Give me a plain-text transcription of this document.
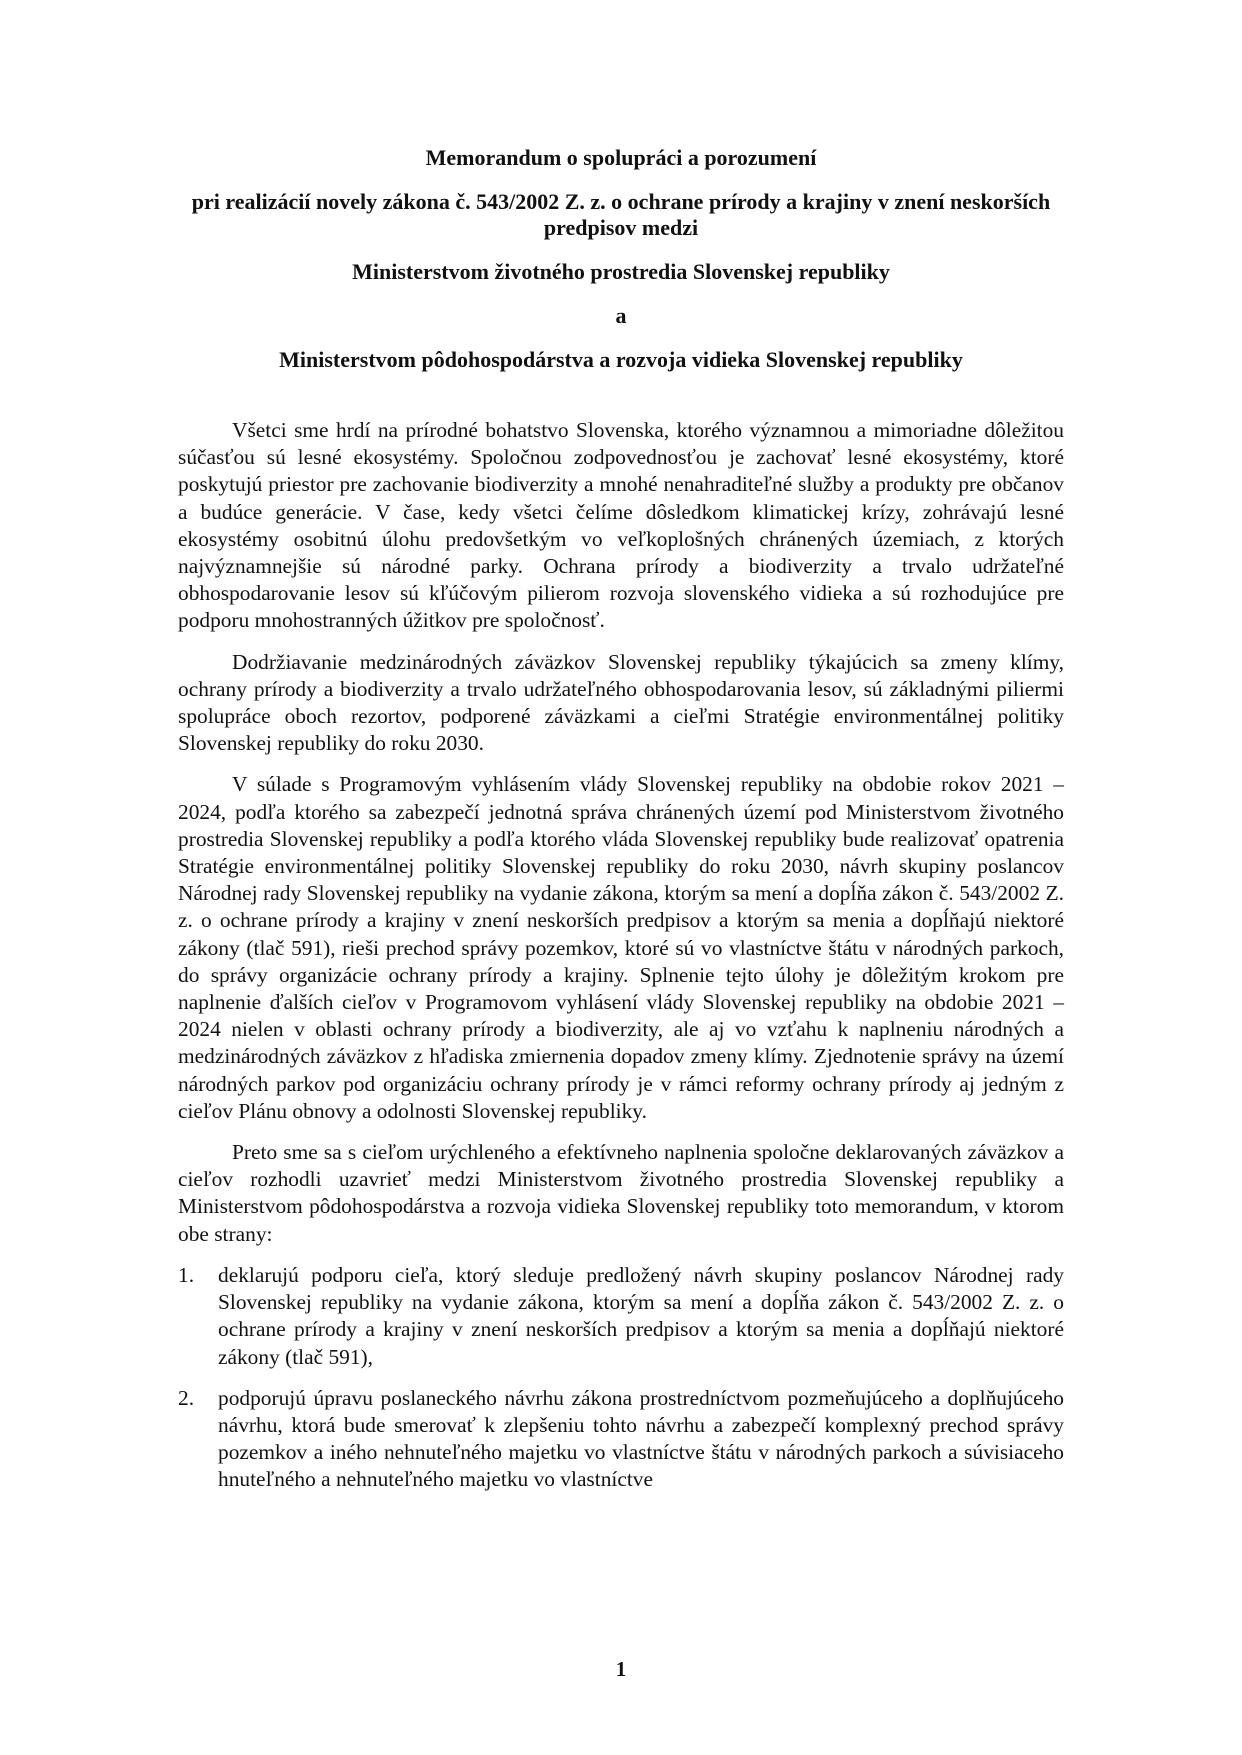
Memorandum o spolupráci a porozumení
pri realizácií novely zákona č. 543/2002 Z. z. o ochrane prírody a krajiny v znení neskorších predpisov medzi
Ministerstvom životného prostredia Slovenskej republiky
a
Ministerstvom pôdohospodárstva a rozvoja vidieka Slovenskej republiky

Všetci sme hrdí na prírodné bohatstvo Slovenska, ktorého významnou a mimoriadne dôležitou súčasťou sú lesné ekosystémy. Spoločnou zodpovednosťou je zachovať lesné ekosystémy, ktoré poskytujú priestor pre zachovanie biodiverzity a mnohé nenahraditeľné služby a produkty pre občanov a budúce generácie. V čase, kedy všetci čelíme dôsledkom klimatickej krízy, zohrávajú lesné ekosystémy osobitnú úlohu predovšetkým vo veľkoplošných chránených územiach, z ktorých najvýznamnejšie sú národné parky. Ochrana prírody a biodiverzity a trvalo udržateľné obhospodarovanie lesov sú kľúčovým pilierom rozvoja slovenského vidieka a sú rozhodujúce pre podporu mnohostranných úžitkov pre spoločnosť.

Dodržiavanie medzinárodných záväzkov Slovenskej republiky týkajúcich sa zmeny klímy, ochrany prírody a biodiverzity a trvalo udržateľného obhospodarovania lesov, sú základnými piliermi spolupráce oboch rezortov, podporené záväzkami a cieľmi Stratégie environmentálnej politiky Slovenskej republiky do roku 2030.

V súlade s Programovým vyhlásením vlády Slovenskej republiky na obdobie rokov 2021 – 2024, podľa ktorého sa zabezpečí jednotná správa chránených území pod Ministerstvom životného prostredia Slovenskej republiky a podľa ktorého vláda Slovenskej republiky bude realizovať opatrenia Stratégie environmentálnej politiky Slovenskej republiky do roku 2030, návrh skupiny poslancov Národnej rady Slovenskej republiky na vydanie zákona, ktorým sa mení a dopĺňa zákon č. 543/2002 Z. z. o ochrane prírody a krajiny v znení neskorších predpisov a ktorým sa menia a dopĺňajú niektoré zákony (tlač 591), rieši prechod správy pozemkov, ktoré sú vo vlastníctve štátu v národných parkoch, do správy organizácie ochrany prírody a krajiny. Splnenie tejto úlohy je dôležitým krokom pre naplnenie ďalších cieľov v Programovom vyhlásení vlády Slovenskej republiky na obdobie 2021 – 2024 nielen v oblasti ochrany prírody a biodiverzity, ale aj vo vzťahu k naplneniu národných a medzinárodných záväzkov z hľadiska zmiernenia dopadov zmeny klímy. Zjednotenie správy na území národných parkov pod organizáciu ochrany prírody je v rámci reformy ochrany prírody aj jedným z cieľov Plánu obnovy a odolnosti Slovenskej republiky.

Preto sme sa s cieľom urýchleného a efektívneho naplnenia spoločne deklarovaných záväzkov a cieľov rozhodli uzavrieť medzi Ministerstvom životného prostredia Slovenskej republiky a Ministerstvom pôdohospodárstva a rozvoja vidieka Slovenskej republiky toto memorandum, v ktorom obe strany:

1. deklarujú podporu cieľa, ktorý sleduje predložený návrh skupiny poslancov Národnej rady Slovenskej republiky na vydanie zákona, ktorým sa mení a dopĺňa zákon č. 543/2002 Z. z. o ochrane prírody a krajiny v znení neskorších predpisov a ktorým sa menia a dopĺňajú niektoré zákony (tlač 591),
2. podporujú úpravu poslaneckého návrhu zákona prostredníctvom pozmeňujúceho a doplňujúceho návrhu, ktorá bude smerovať k zlepšeniu tohto návrhu a zabezpečí komplexný prechod správy pozemkov a iného nehnuteľného majetku vo vlastníctve štátu v národných parkoch a súvisiaceho hnuteľného a nehnuteľného majetku vo vlastníctve
1
